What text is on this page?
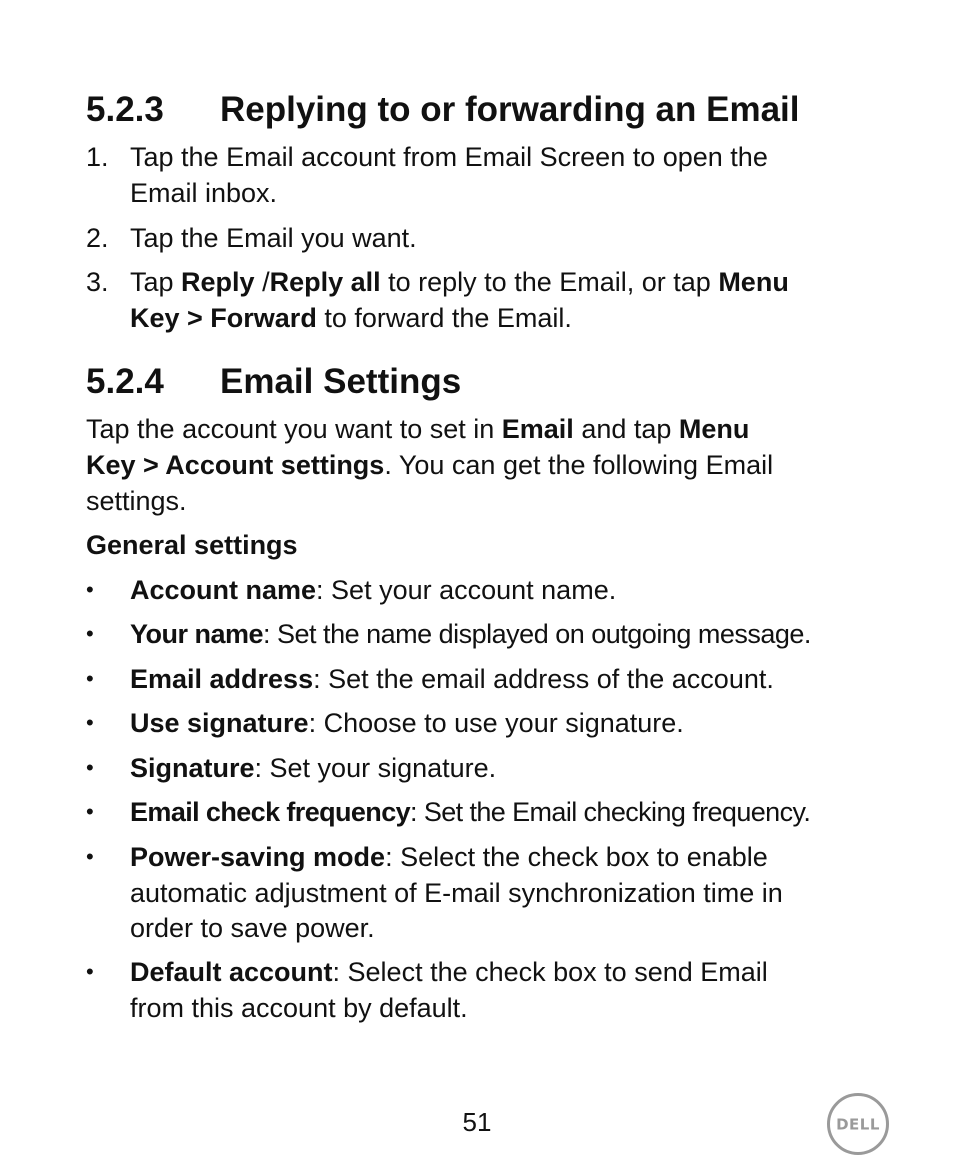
5.2.3 Replying to or forwarding an Email
1. Tap the Email account from Email Screen to open the
Email inbox.
2. Tap the Email you want.
3. Tap Reply /Reply all to reply to the Email, or tap Menu
Key > Forward to forward the Email.
5.2.4 Email Settings
Tap the account you want to set in Email and tap Menu
Key > Account settings. You can get the following Email
settings.
General settings
• Account name: Set your account name.
• Your name: Set the name displayed on outgoing message.
• Email address: Set the email address of the account.
• Use signature: Choose to use your signature.
• Signature: Set your signature.
• Email check frequency: Set the Email checking frequency.
• Power-saving mode: Select the check box to enable
automatic adjustment of E-mail synchronization time in
order to save power.
• Default account: Select the check box to send Email
from this account by default.
51	DELL
